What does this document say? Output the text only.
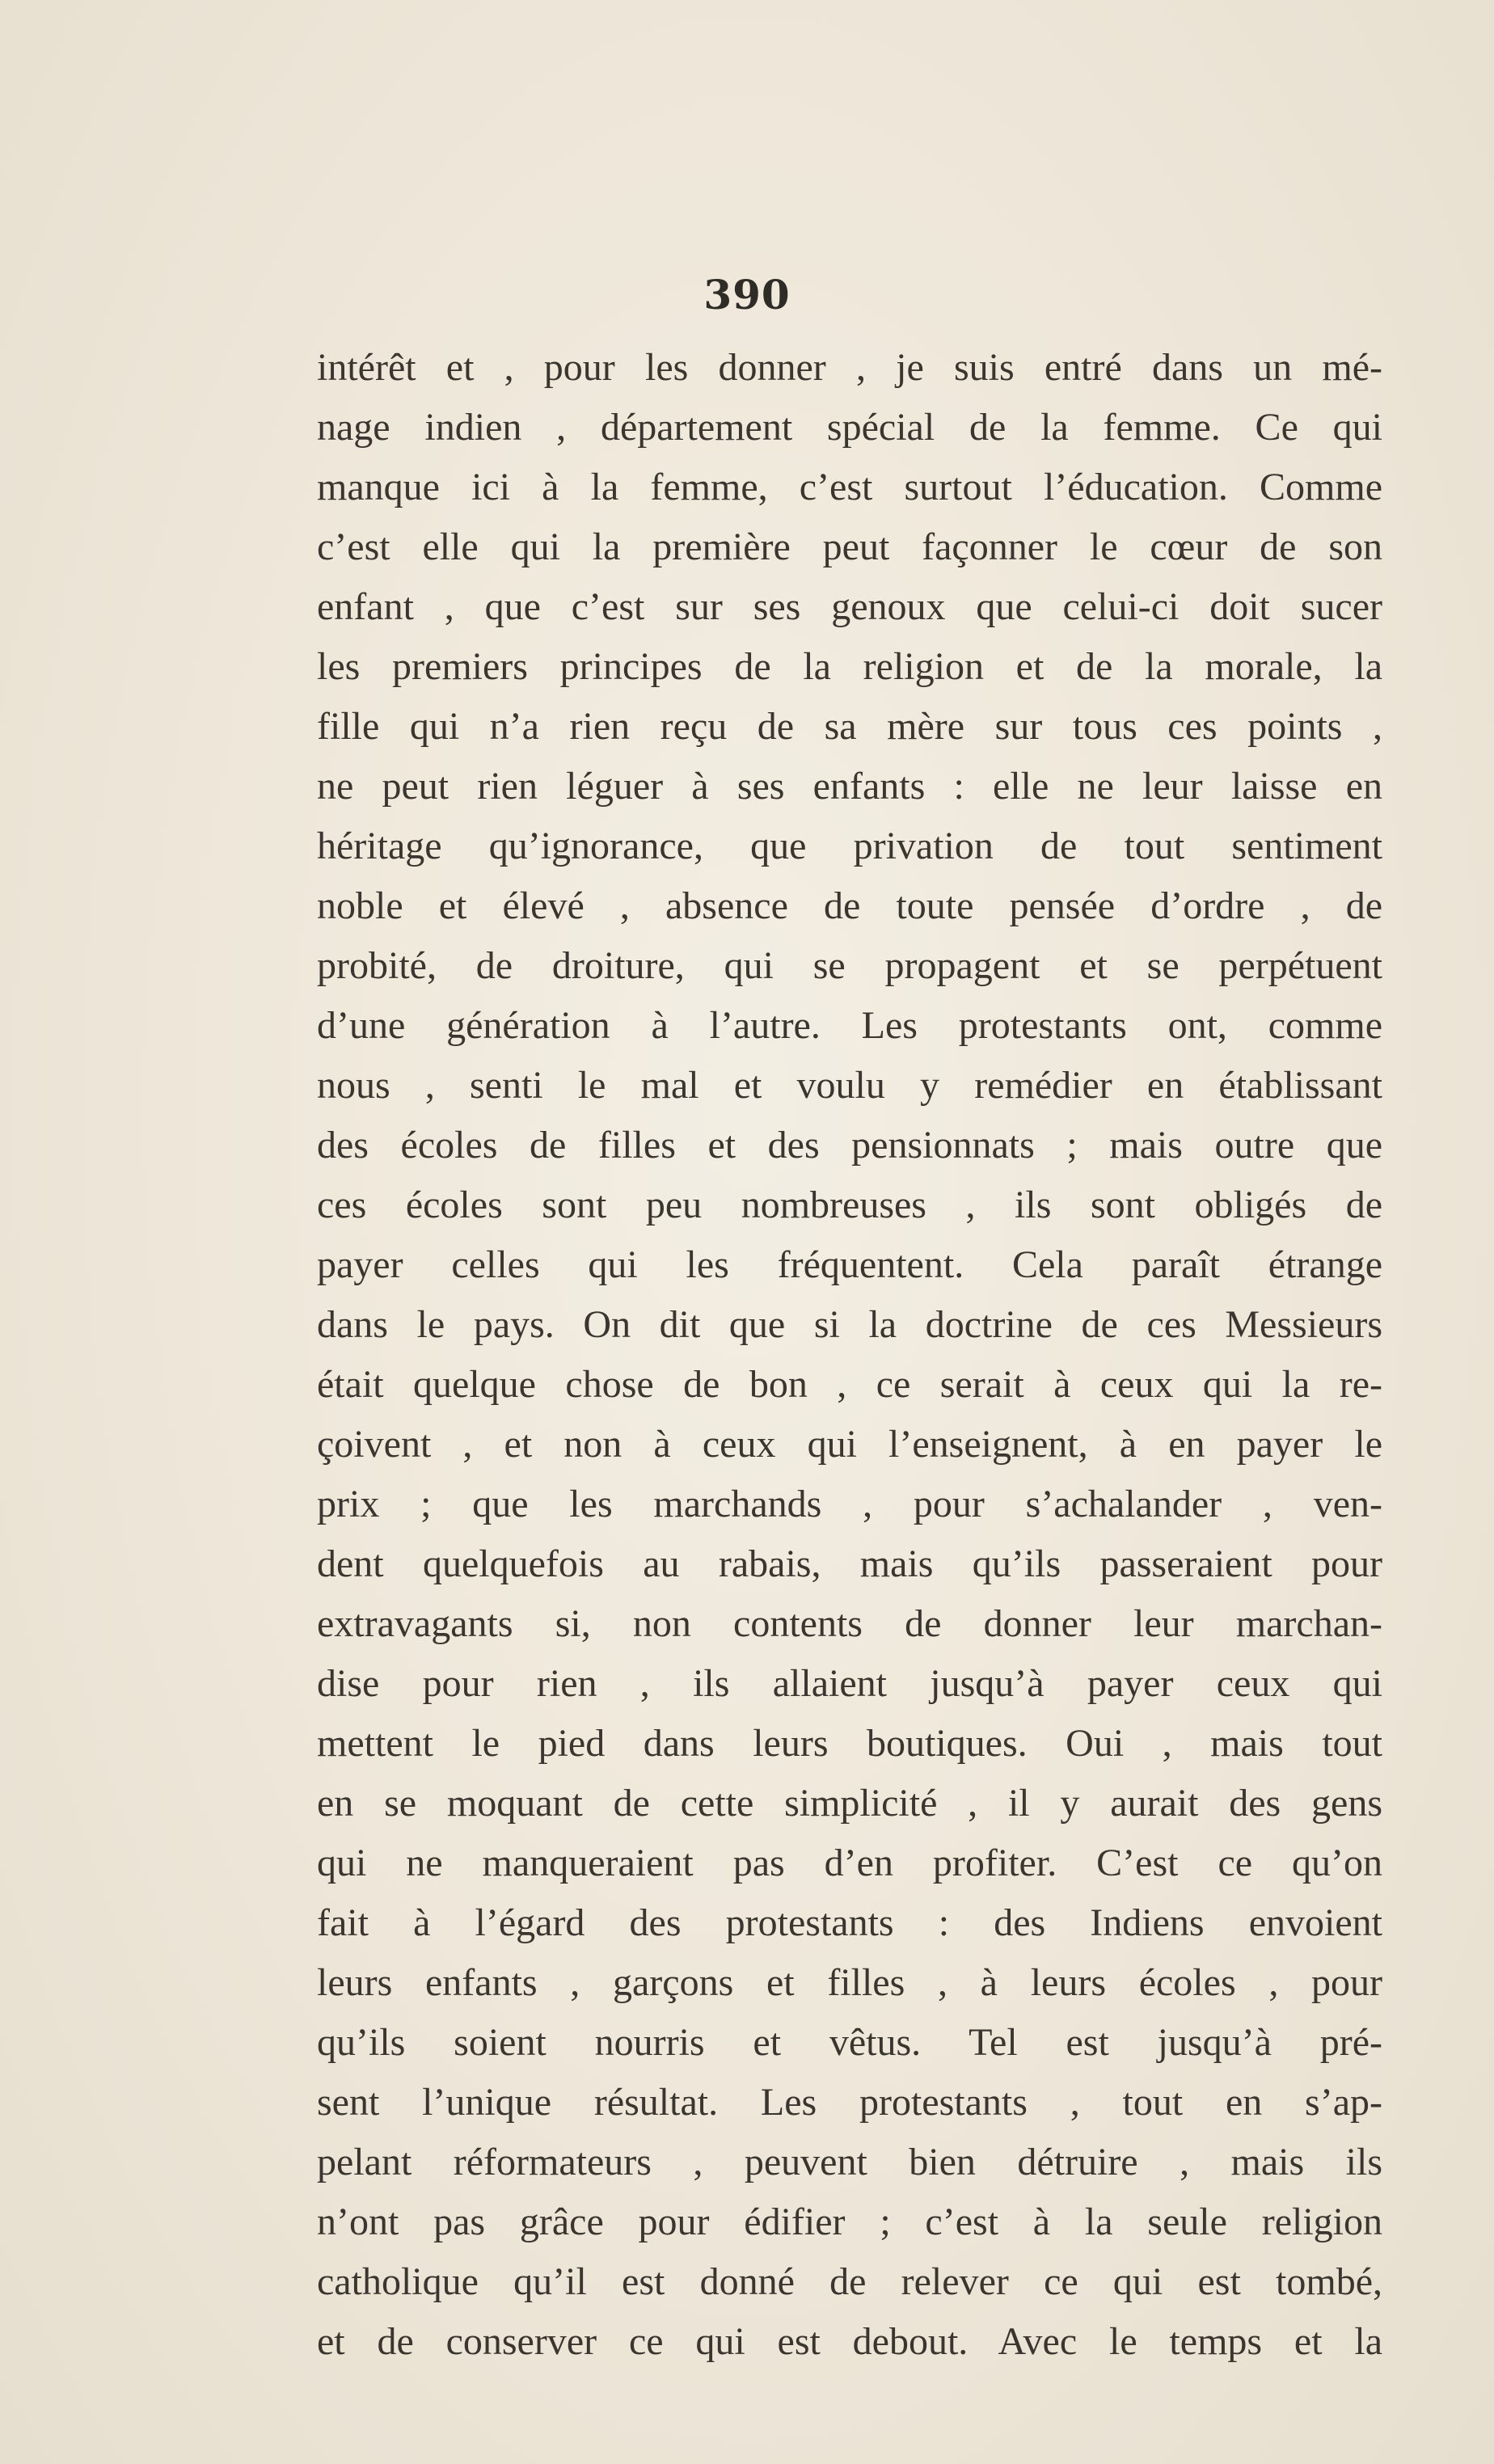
390
intérêt et , pour les donner , je suis entré dans un mé-
nage indien , département spécial de la femme. Ce qui
manque ici à la femme, c’est surtout l’éducation. Comme
c’est elle qui la première peut façonner le cœur de son
enfant , que c’est sur ses genoux que celui-ci doit sucer
les premiers principes de la religion et de la morale, la
fille qui n’a rien reçu de sa mère sur tous ces points ,
ne peut rien léguer à ses enfants : elle ne leur laisse en
héritage qu’ignorance, que privation de tout sentiment
noble et élevé , absence de toute pensée d’ordre , de
probité, de droiture, qui se propagent et se perpétuent
d’une génération à l’autre. Les protestants ont, comme
nous , senti le mal et voulu y remédier en établissant
des écoles de filles et des pensionnats ; mais outre que
ces écoles sont peu nombreuses , ils sont obligés de
payer celles qui les fréquentent. Cela paraît étrange
dans le pays. On dit que si la doctrine de ces Messieurs
était quelque chose de bon , ce serait à ceux qui la re-
çoivent , et non à ceux qui l’enseignent, à en payer le
prix ; que les marchands , pour s’achalander , ven-
dent quelquefois au rabais, mais qu’ils passeraient pour
extravagants si, non contents de donner leur marchan-
dise pour rien , ils allaient jusqu’à payer ceux qui
mettent le pied dans leurs boutiques. Oui , mais tout
en se moquant de cette simplicité , il y aurait des gens
qui ne manqueraient pas d’en profiter. C’est ce qu’on
fait à l’égard des protestants : des Indiens envoient
leurs enfants , garçons et filles , à leurs écoles , pour
qu’ils soient nourris et vêtus. Tel est jusqu’à pré-
sent l’unique résultat. Les protestants , tout en s’ap-
pelant réformateurs , peuvent bien détruire , mais ils
n’ont pas grâce pour édifier ; c’est à la seule religion
catholique qu’il est donné de relever ce qui est tombé,
et de conserver ce qui est debout. Avec le temps et la
